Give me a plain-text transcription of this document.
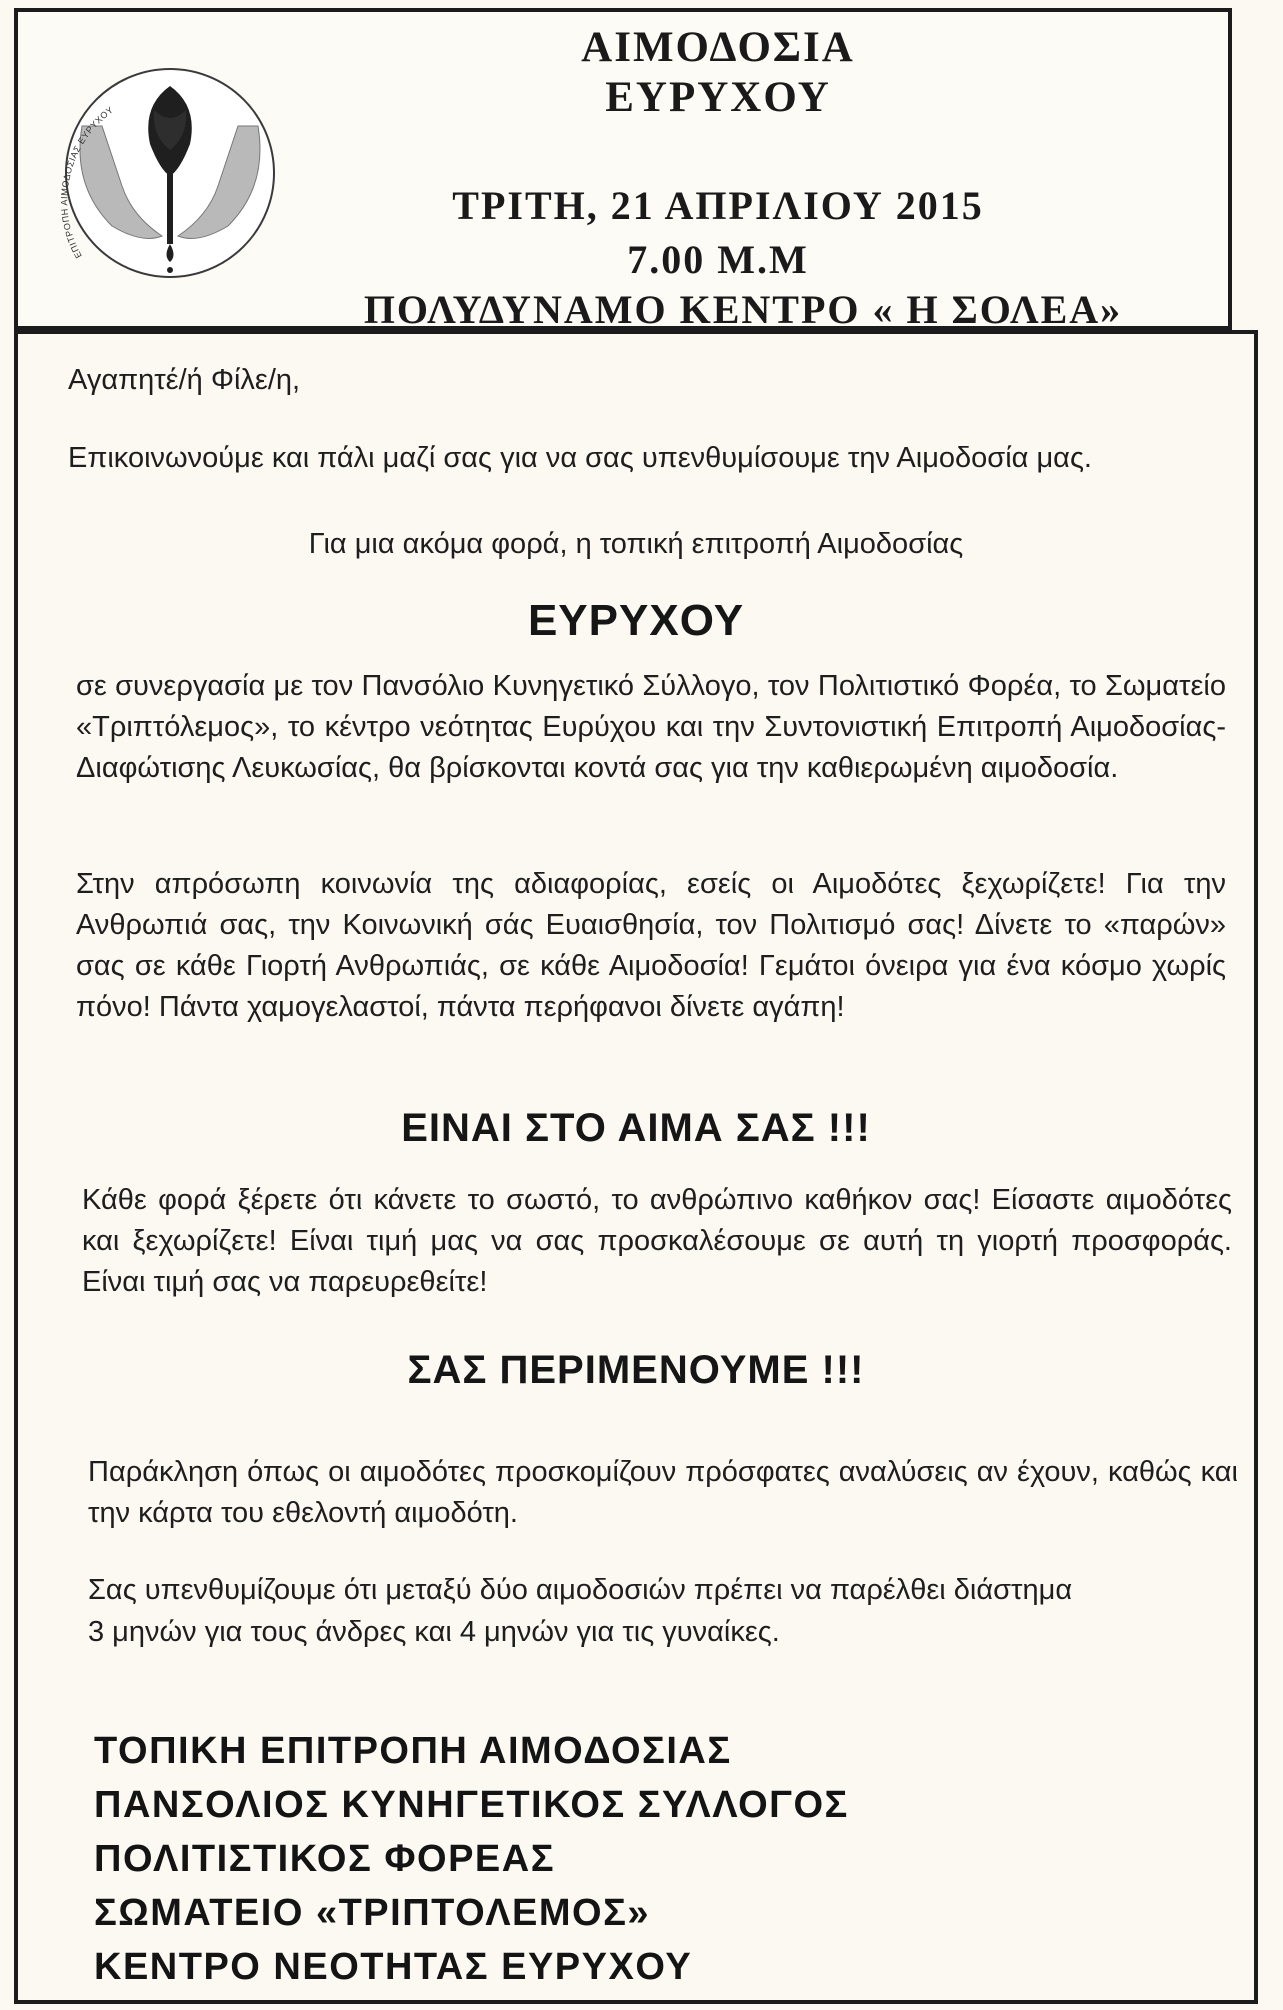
ΕΠΙΤΡΟΠΗ ΑΙΜΟΔΟΣΙΑΣ ΕΥΡΥΧΟΥ
ΑΙΜΟΔΟΣΙΑ
ΕΥΡΥΧΟΥ
ΤΡΙΤΗ, 21 ΑΠΡΙΛΙΟΥ 2015
7.00 Μ.Μ
ΠΟΛΥΔΥΝΑΜΟ ΚΕΝΤΡΟ « Η ΣΟΛΕΑ»
Αγαπητέ/ή Φίλε/η,
Επικοινωνούμε και πάλι μαζί σας για να σας υπενθυμίσουμε την Αιμοδοσία μας.
Για μια ακόμα φορά, η τοπική επιτροπή Αιμοδοσίας
ΕΥΡΥΧΟΥ
σε συνεργασία με τον Πανσόλιο Κυνηγετικό Σύλλογο, τον Πολιτιστικό Φορέα, το Σωματείο «Τριπτόλεμος», το κέντρο νεότητας Ευρύχου και την Συντονιστική Επιτροπή Αιμοδοσίας-Διαφώτισης Λευκωσίας, θα βρίσκονται κοντά σας για την καθιερωμένη αιμοδοσία.
Στην απρόσωπη κοινωνία της αδιαφορίας, εσείς οι Αιμοδότες ξεχωρίζετε! Για την Ανθρωπιά σας, την Κοινωνική σάς Ευαισθησία, τον Πολιτισμό σας! Δίνετε το «παρών» σας σε κάθε Γιορτή Ανθρωπιάς, σε κάθε Αιμοδοσία! Γεμάτοι όνειρα για ένα κόσμο χωρίς πόνο! Πάντα χαμογελαστοί, πάντα περήφανοι δίνετε αγάπη!
ΕΙΝΑΙ ΣΤΟ ΑΙΜΑ ΣΑΣ !!!
Κάθε φορά ξέρετε ότι κάνετε το σωστό, το ανθρώπινο καθήκον σας! Είσαστε αιμοδότες και ξεχωρίζετε! Είναι τιμή μας να σας προσκαλέσουμε σε αυτή τη γιορτή προσφοράς. Είναι τιμή σας να παρευρεθείτε!
ΣΑΣ ΠΕΡΙΜΕΝΟΥΜΕ !!!
Παράκληση όπως οι αιμοδότες προσκομίζουν πρόσφατες αναλύσεις αν έχουν, καθώς και την κάρτα του εθελοντή αιμοδότη.
Σας υπενθυμίζουμε ότι μεταξύ δύο αιμοδοσιών πρέπει να παρέλθει διάστημα
3 μηνών για τους άνδρες και 4 μηνών για τις γυναίκες.
ΤΟΠΙΚΗ ΕΠΙΤΡΟΠΗ ΑΙΜΟΔΟΣΙΑΣ
ΠΑΝΣΟΛΙΟΣ ΚΥΝΗΓΕΤΙΚΟΣ ΣΥΛΛΟΓΟΣ
ΠΟΛΙΤΙΣΤΙΚΟΣ ΦΟΡΕΑΣ
ΣΩΜΑΤΕΙΟ «ΤΡΙΠΤΟΛΕΜΟΣ»
ΚΕΝΤΡΟ ΝΕΟΤΗΤΑΣ ΕΥΡΥΧΟΥ
